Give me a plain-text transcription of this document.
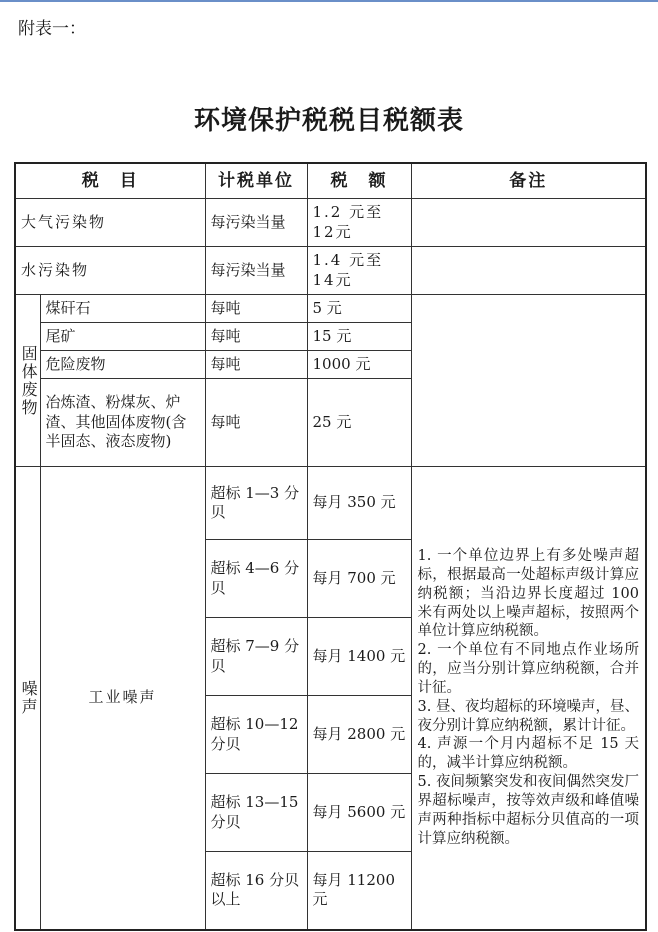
附表一：
环境保护税税目税额表
税　目		计税单位	税　额	备注
大气污染物		每污染当量	1.2 元至12元	
水污染物		每污染当量	1.4 元至14元	
固体废物	煤矸石	每吨	5 元	
	尾矿	每吨	15 元	
	危险废物	每吨	1000 元	
	冶炼渣、粉煤灰、炉渣、其他固体废物(含半固态、液态废物)	每吨	25 元	
噪声	工业噪声	超标 1—3 分贝	每月 350 元	1. 一个单位边界上有多处噪声超标，根据最高一处超标声级计算应纳税额；当沿边界长度超过 100 米有两处以上噪声超标，按照两个单位计算应纳税额。
2. 一个单位有不同地点作业场所的，应当分别计算应纳税额，合并计征。
3. 昼、夜均超标的环境噪声，昼、夜分别计算应纳税额，累计计征。
4. 声源一个月内超标不足 15 天的，减半计算应纳税额。
5. 夜间频繁突发和夜间偶然突发厂界超标噪声，按等效声级和峰值噪声两种指标中超标分贝值高的一项计算应纳税额。

		超标 4—6 分贝	每月 700 元	
		超标 7—9 分贝	每月 1400 元	
		超标 10—12 分贝	每月 2800 元	
		超标 13—15 分贝	每月 5600 元	
		超标 16 分贝以上	每月 11200 元	
